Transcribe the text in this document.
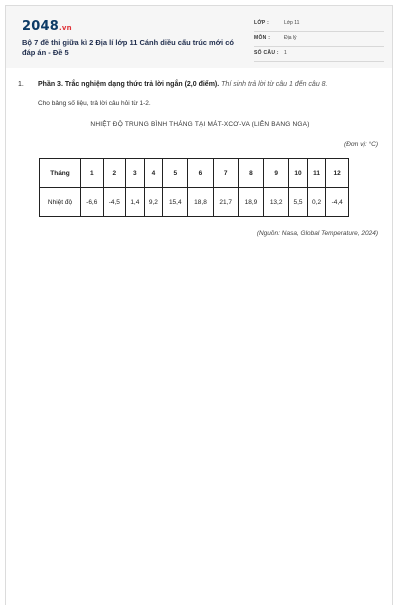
2048.vn
Bộ 7 đề thi giữa kì 2 Địa lí lớp 11 Cánh diều cấu trúc mới có đáp án - Đề 5
LỚP :	Lớp 11
MÔN :	Địa lý
SỐ CÂU : 1
1. Phần 3. Trắc nghiệm dạng thức trả lời ngắn (2,0 điểm). Thí sinh trả lời từ câu 1 đến câu 8.
Cho bảng số liệu, trả lời câu hỏi từ 1-2.
NHIỆT ĐỘ TRUNG BÌNH THÁNG TẠI MÁT-XCƠ-VA (LIÊN BANG NGA)
(Đơn vị: °C)
Tháng	1	2	3	4	5	6	7	8	9	10	11	12
Nhiệt độ	-6,6	-4,5	1,4	9,2	15,4	18,8	21,7	18,9	13,2	5,5	0,2	-4,4
(Nguồn: Nasa, Global Temperature, 2024)
